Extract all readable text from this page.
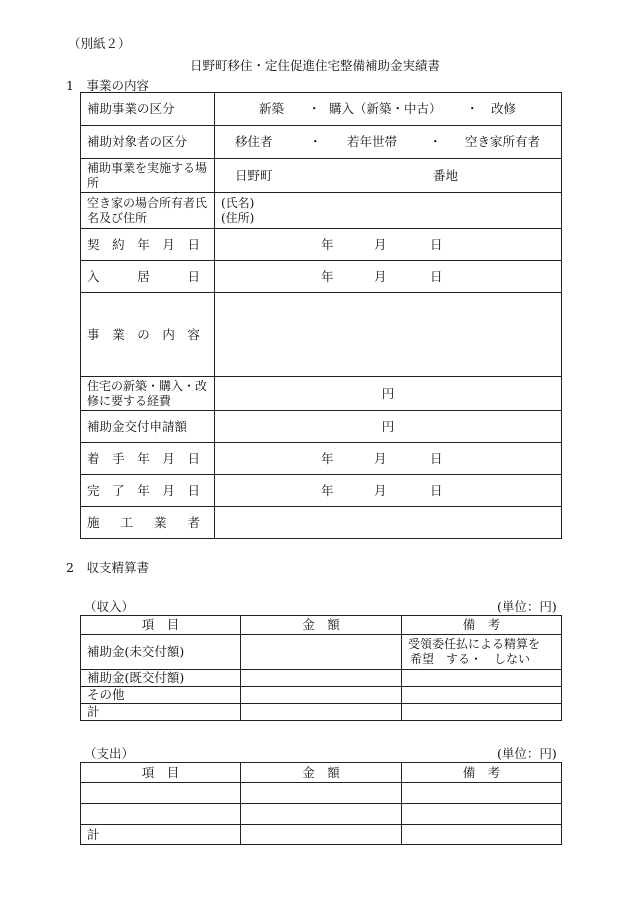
（別紙２）
日野町移住・定住促進住宅整備補助金実績書
1　事業の内容
補助事業の区分	新築 ・ 購入（新築・中古） ・ 改修

補助対象者の区分	移住者 ・ 若年世帯 ・ 空き家所有者

補助事業を実施する場所	日野町 番地

空き家の場合所有者氏名及び住所	(氏名)
(住所)

契 約 年 月 日	年 月 日

入 居 日	年 月 日

事 業 の 内 容	

住宅の新築・購入・改修に要する経費	円
補助金交付申請額	円

着 手 年 月 日	年 月 日

完 了 年 月 日	年 月 日

施 工 業 者	

2　収支精算書
（収入）	(単位：円)
項　目	金　額	備　考
補助金(未交付額)		受領委任払による精算を
希望　する・　しない

補助金(既交付額)		
その他		
計		
（支出）	(単位：円)
項　目	金　額	備　考

計		
